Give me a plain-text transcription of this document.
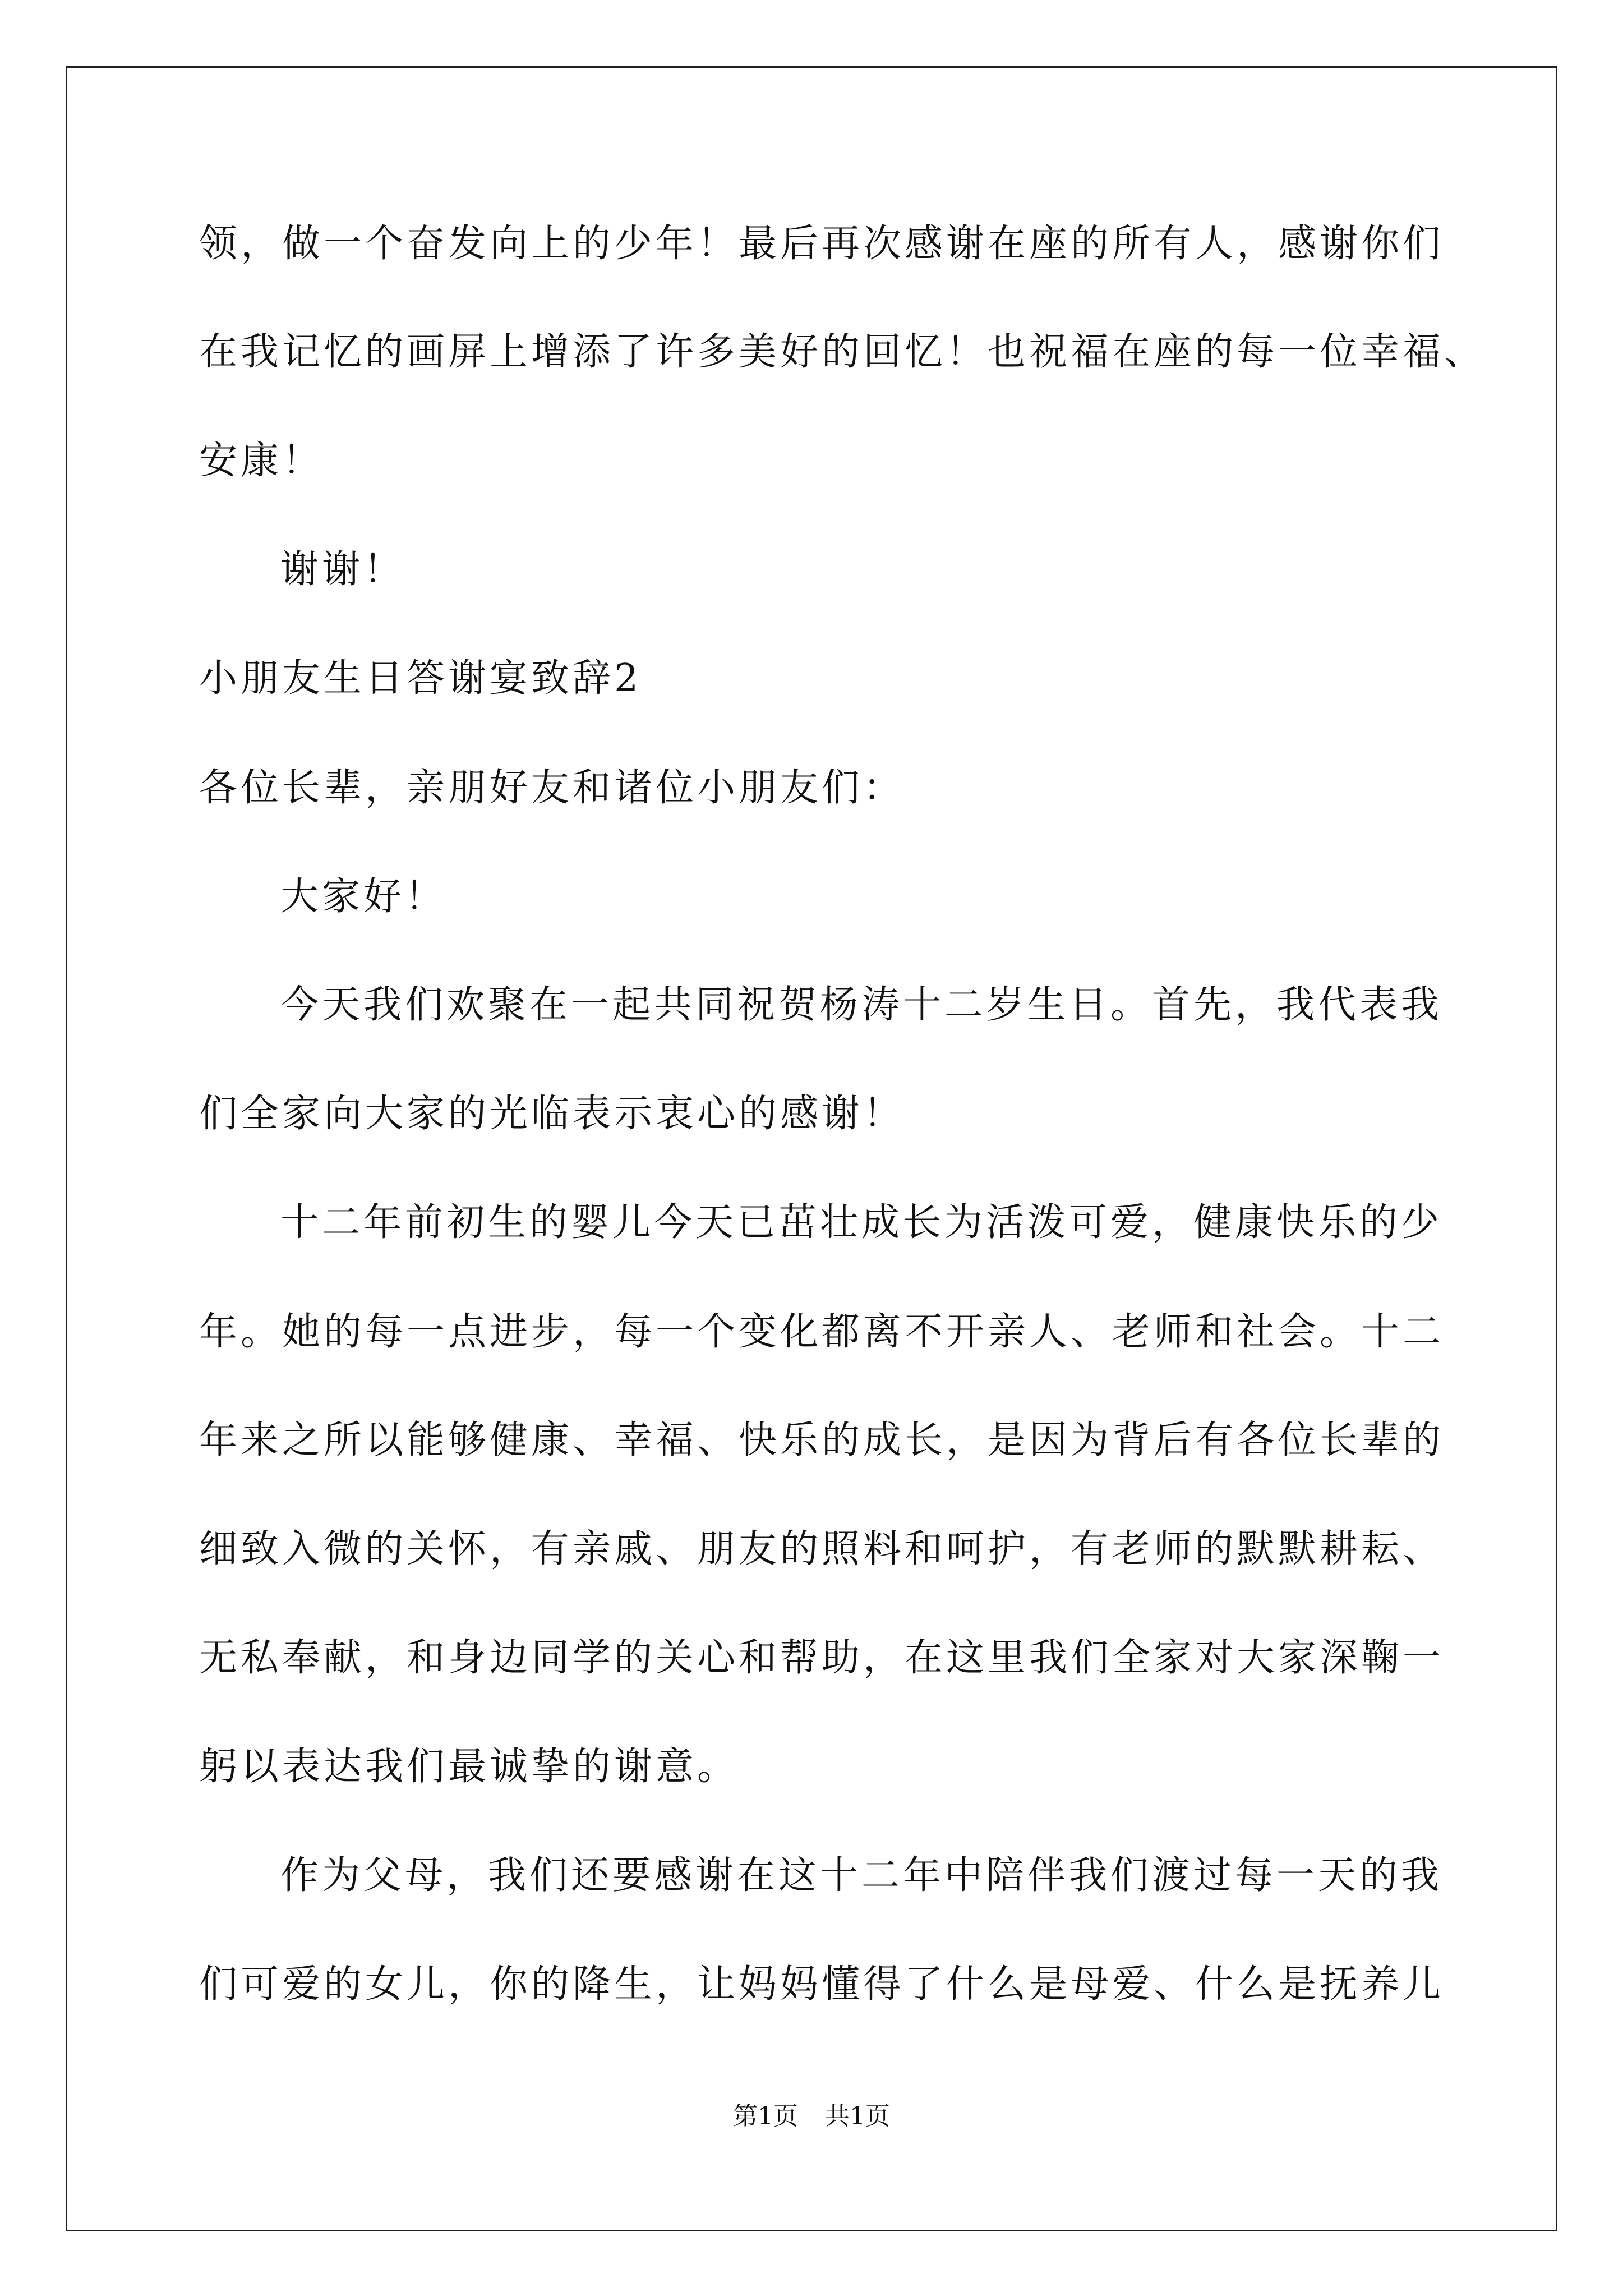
领，做一个奋发向上的少年！最后再次感谢在座的所有人，感谢你们
在我记忆的画屏上增添了许多美好的回忆！也祝福在座的每一位幸福、
安康！
谢谢！
小朋友生日答谢宴致辞2
各位长辈，亲朋好友和诸位小朋友们：
大家好！
今天我们欢聚在一起共同祝贺杨涛十二岁生日。首先，我代表我
们全家向大家的光临表示衷心的感谢！
十二年前初生的婴儿今天已茁壮成长为活泼可爱，健康快乐的少
年。她的每一点进步，每一个变化都离不开亲人、老师和社会。十二
年来之所以能够健康、幸福、快乐的成长，是因为背后有各位长辈的
细致入微的关怀，有亲戚、朋友的照料和呵护，有老师的默默耕耘、
无私奉献，和身边同学的关心和帮助，在这里我们全家对大家深鞠一
躬以表达我们最诚挚的谢意。
作为父母，我们还要感谢在这十二年中陪伴我们渡过每一天的我
们可爱的女儿，你的降生，让妈妈懂得了什么是母爱、什么是抚养儿
第1页 共1页
